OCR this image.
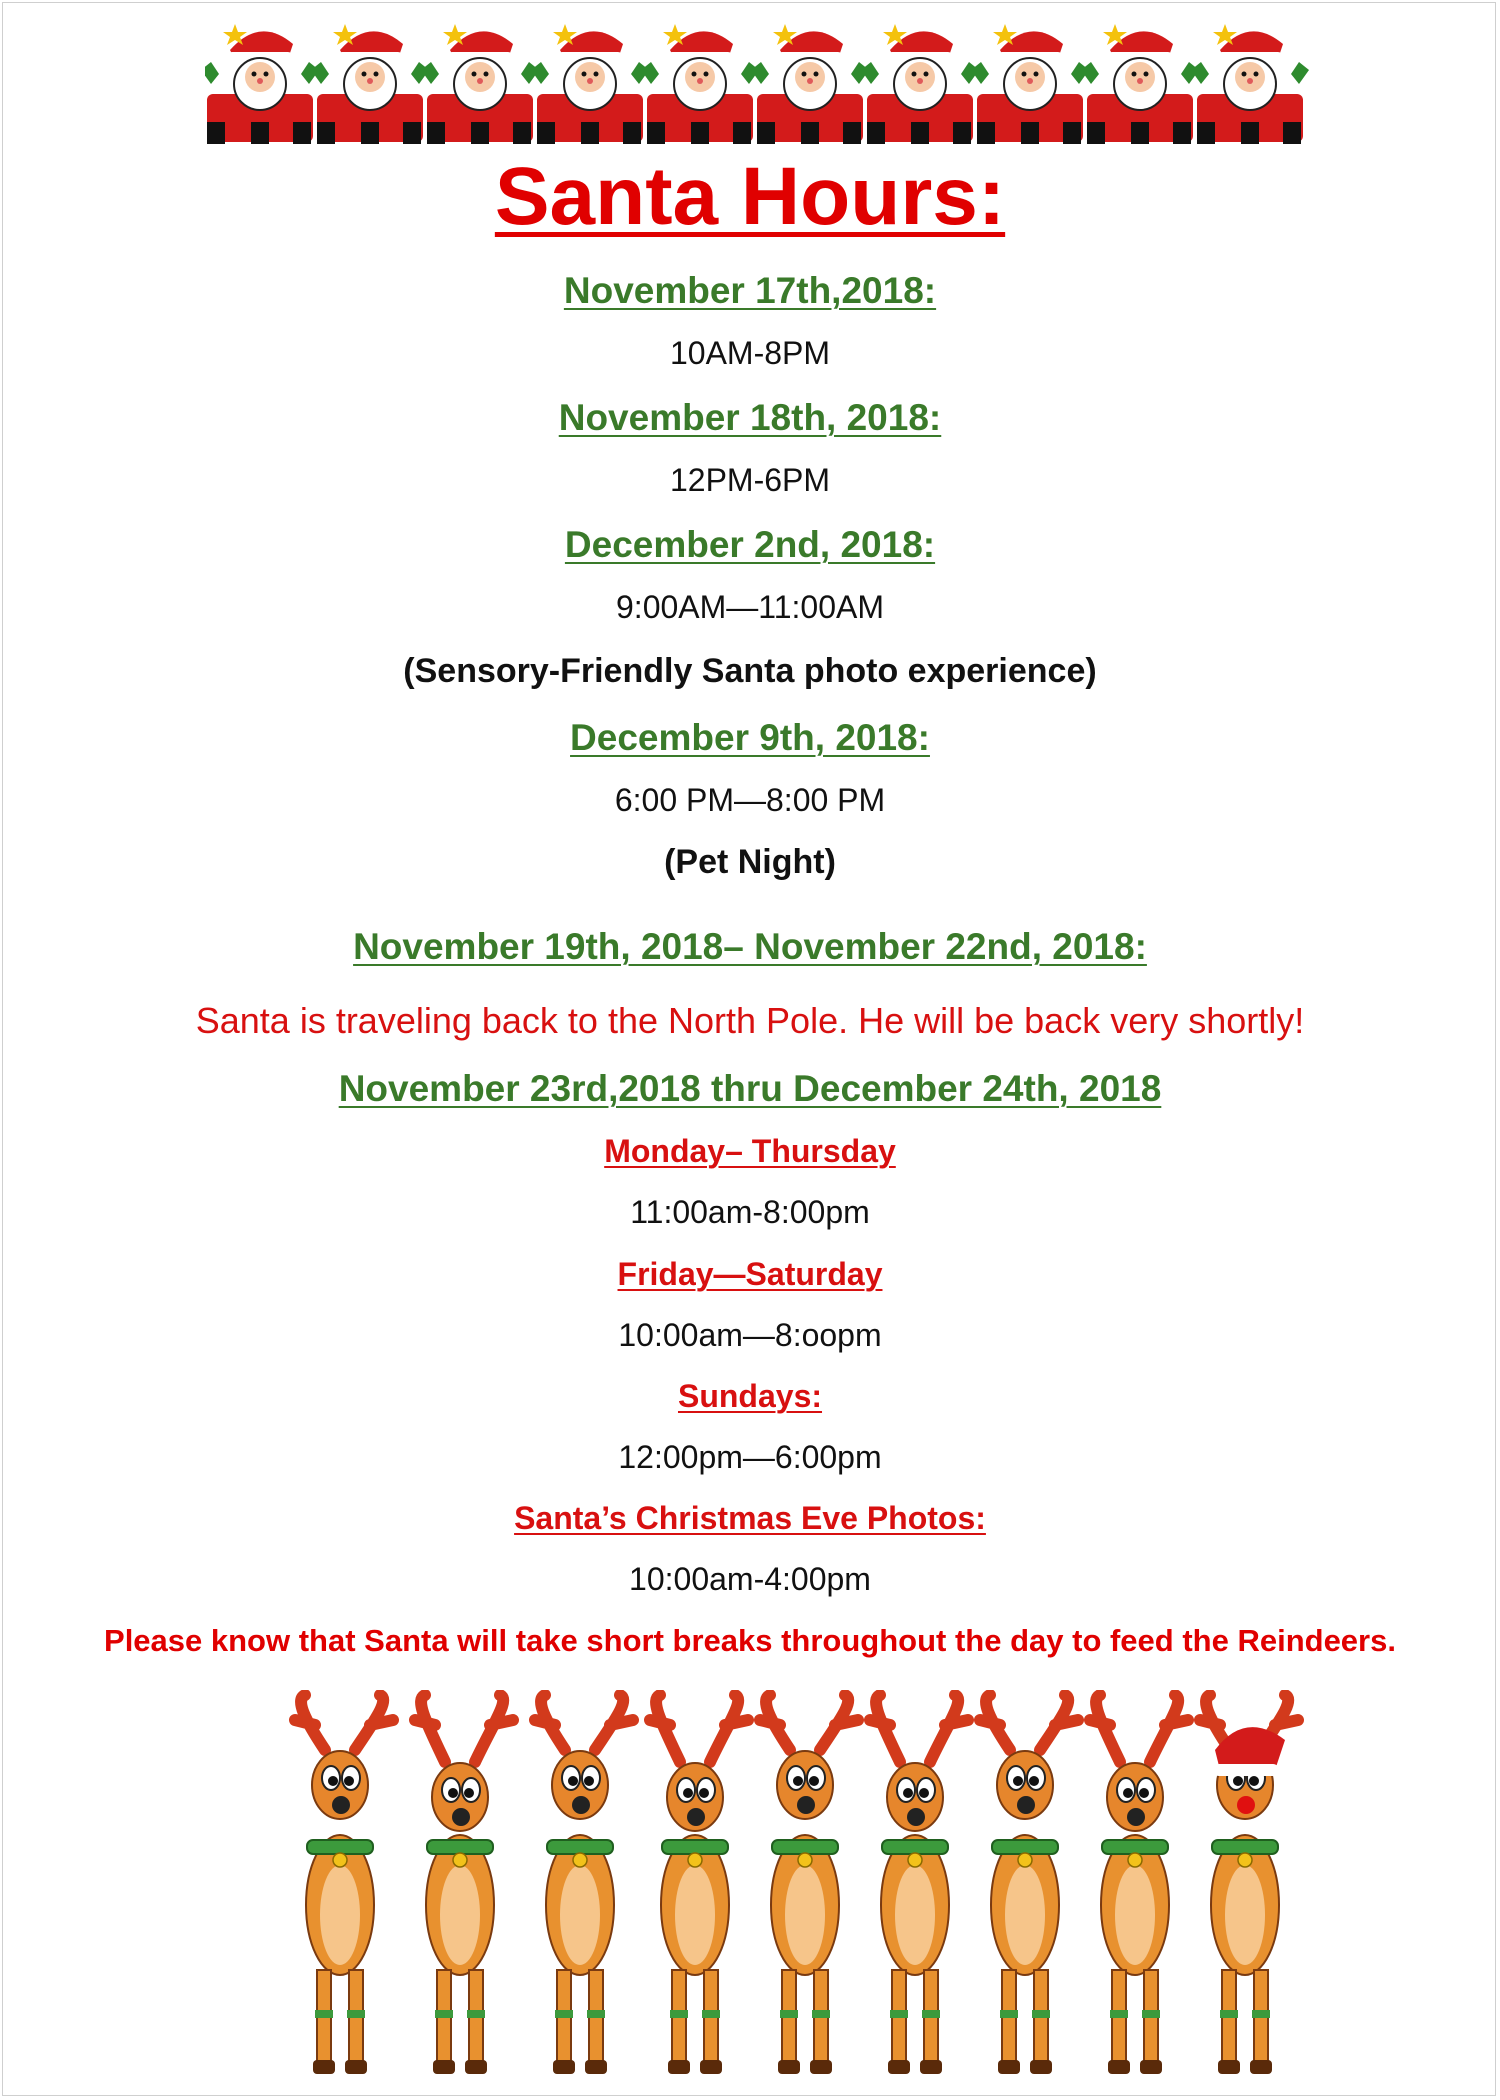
Santa Hours:
November 17th,2018:
10AM-8PM
November 18th, 2018:
12PM-6PM
December 2nd, 2018:
9:00AM—11:00AM
(Sensory-Friendly Santa photo experience)
December 9th, 2018:
6:00 PM—8:00 PM
(Pet Night)
November 19th, 2018– November 22nd, 2018:
Santa is traveling back to the North Pole. He will be back very shortly!
November 23rd,2018 thru December 24th, 2018
Monday– Thursday
11:00am-8:00pm
Friday—Saturday
10:00am—8:oopm
Sundays:
12:00pm—6:00pm
Santa’s Christmas Eve Photos:
10:00am-4:00pm
Please know that Santa will take short breaks throughout the day to feed the Reindeers.
